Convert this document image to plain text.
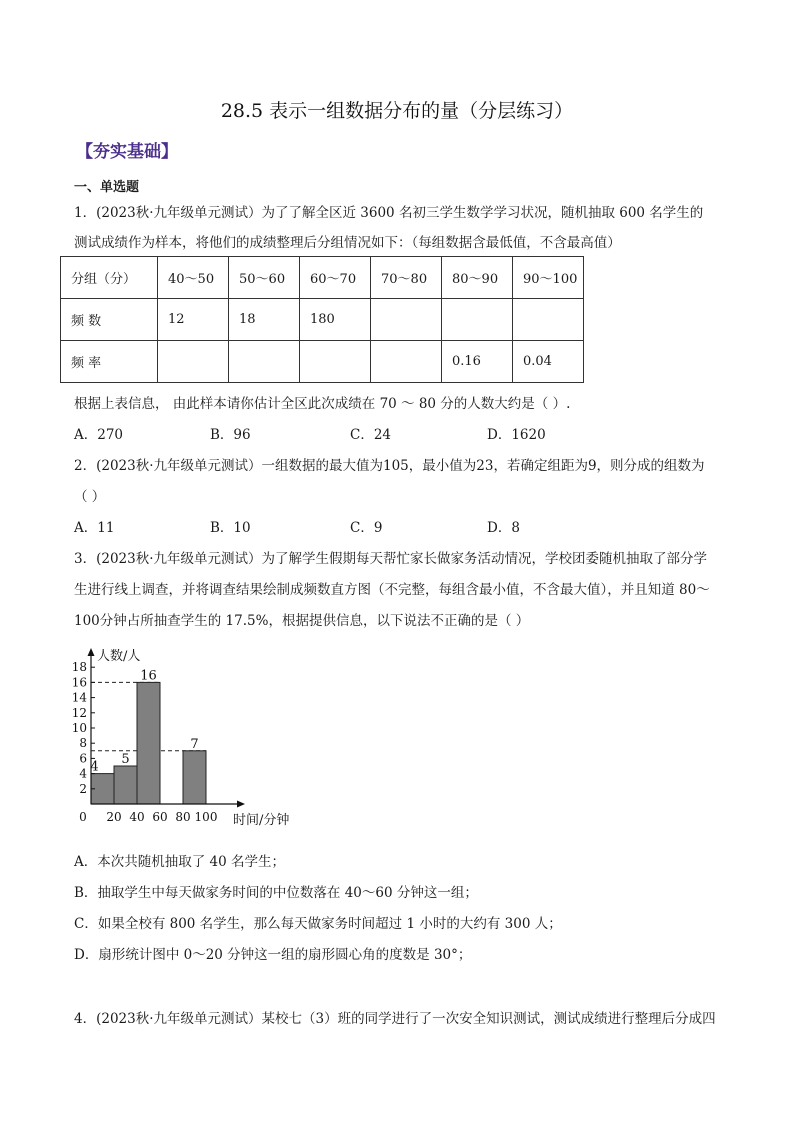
28.5 表示一组数据分布的量（分层练习）
【夯实基础】
一、单选题
1．(2023秋·九年级单元测试）为了了解全区近 3600 名初三学生数学学习状况，随机抽取 600 名学生的
测试成绩作为样本，将他们的成绩整理后分组情况如下：（每组数据含最低值，不含最高值）
分组（分）	40～50	50～60	60～70	70～80	80～90	90～100
频 数	12	18	180			
频 率					0.16	0.04
根据上表信息， 由此样本请你估计全区此次成绩在 70 ～ 80 分的人数大约是（ ）.
A．270	B．96	C．24	D．1620
2．(2023秋·九年级单元测试）一组数据的最大值为105，最小值为23，若确定组距为9，则分成的组数为
（ ）
A．11	B．10	C．9	D．8
3．(2023秋·九年级单元测试）为了解学生假期每天帮忙家长做家务活动情况，学校团委随机抽取了部分学
生进行线上调查，并将调查结果绘制成频数直方图（不完整，每组含最小值，不含最大值），并且知道 80～
100分钟占所抽查学生的 17.5%，根据提供信息，以下说法不正确的是（ ）
4
5
16
7
2
4
6
8
10
12
14
16
18
0 20 40 60 80 100
人数/人
时间/分钟
A．本次共随机抽取了 40 名学生；
B．抽取学生中每天做家务时间的中位数落在 40～60 分钟这一组；
C．如果全校有 800 名学生，那么每天做家务时间超过 1 小时的大约有 300 人；
D．扇形统计图中 0～20 分钟这一组的扇形圆心角的度数是 30°；
4．(2023秋·九年级单元测试）某校七（3）班的同学进行了一次安全知识测试，测试成绩进行整理后分成四
